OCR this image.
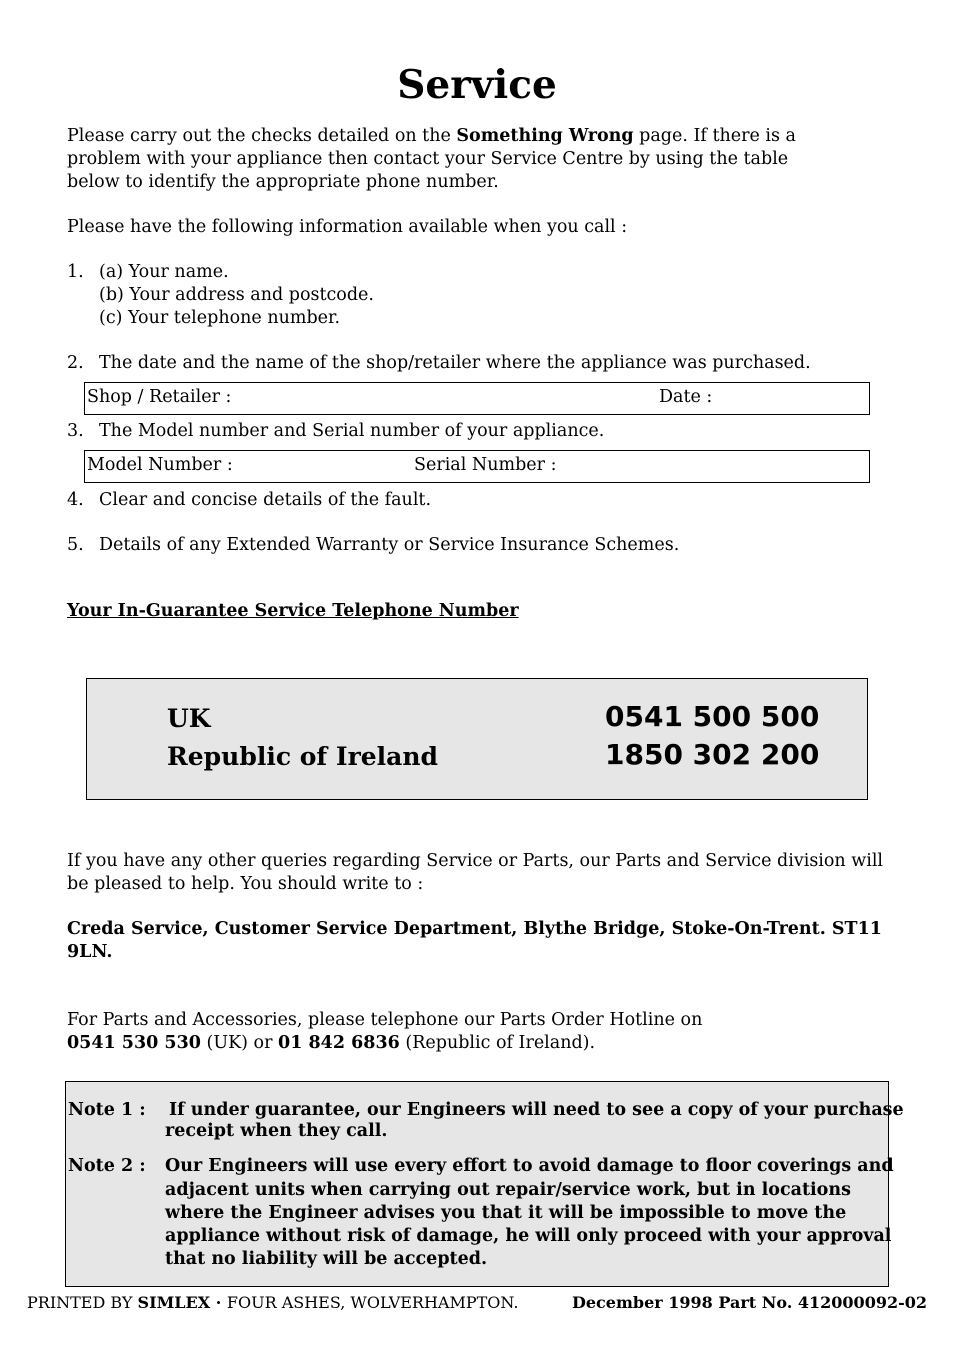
Service
Please carry out the checks detailed on the Something Wrong page. If there is a
problem with your appliance then contact your Service Centre by using the table
below to identify the appropriate phone number.
Please have the following information available when you call :
1. (a) Your name.
(b) Your address and postcode.
(c) Your telephone number.
2. The date and the name of the shop/retailer where the appliance was purchased.
Shop / Retailer :	Date :
3. The Model number and Serial number of your appliance.
Model Number :	Serial Number :
4. Clear and concise details of the fault.
5. Details of any Extended Warranty or Service Insurance Schemes.
Your In-Guarantee Service Telephone Number
UK	0541 500 500
Republic of Ireland	1850 302 200
If you have any other queries regarding Service or Parts, our Parts and Service division will
be pleased to help. You should write to :
Creda Service, Customer Service Department, Blythe Bridge, Stoke-On-Trent. ST11
9LN.
For Parts and Accessories, please telephone our Parts Order Hotline on
0541 530 530 (UK) or 01 842 6836 (Republic of Ireland).
Note 1 : If under guarantee, our Engineers will need to see a copy of your purchase
receipt when they call.
Note 2 : Our Engineers will use every effort to avoid damage to floor coverings and
adjacent units when carrying out repair/service work, but in locations
where the Engineer advises you that it will be impossible to move the
appliance without risk of damage, he will only proceed with your approval
that no liability will be accepted.
PRINTED BY SIMLEX · FOUR ASHES, WOLVERHAMPTON.	December 1998 Part No. 412000092-02
